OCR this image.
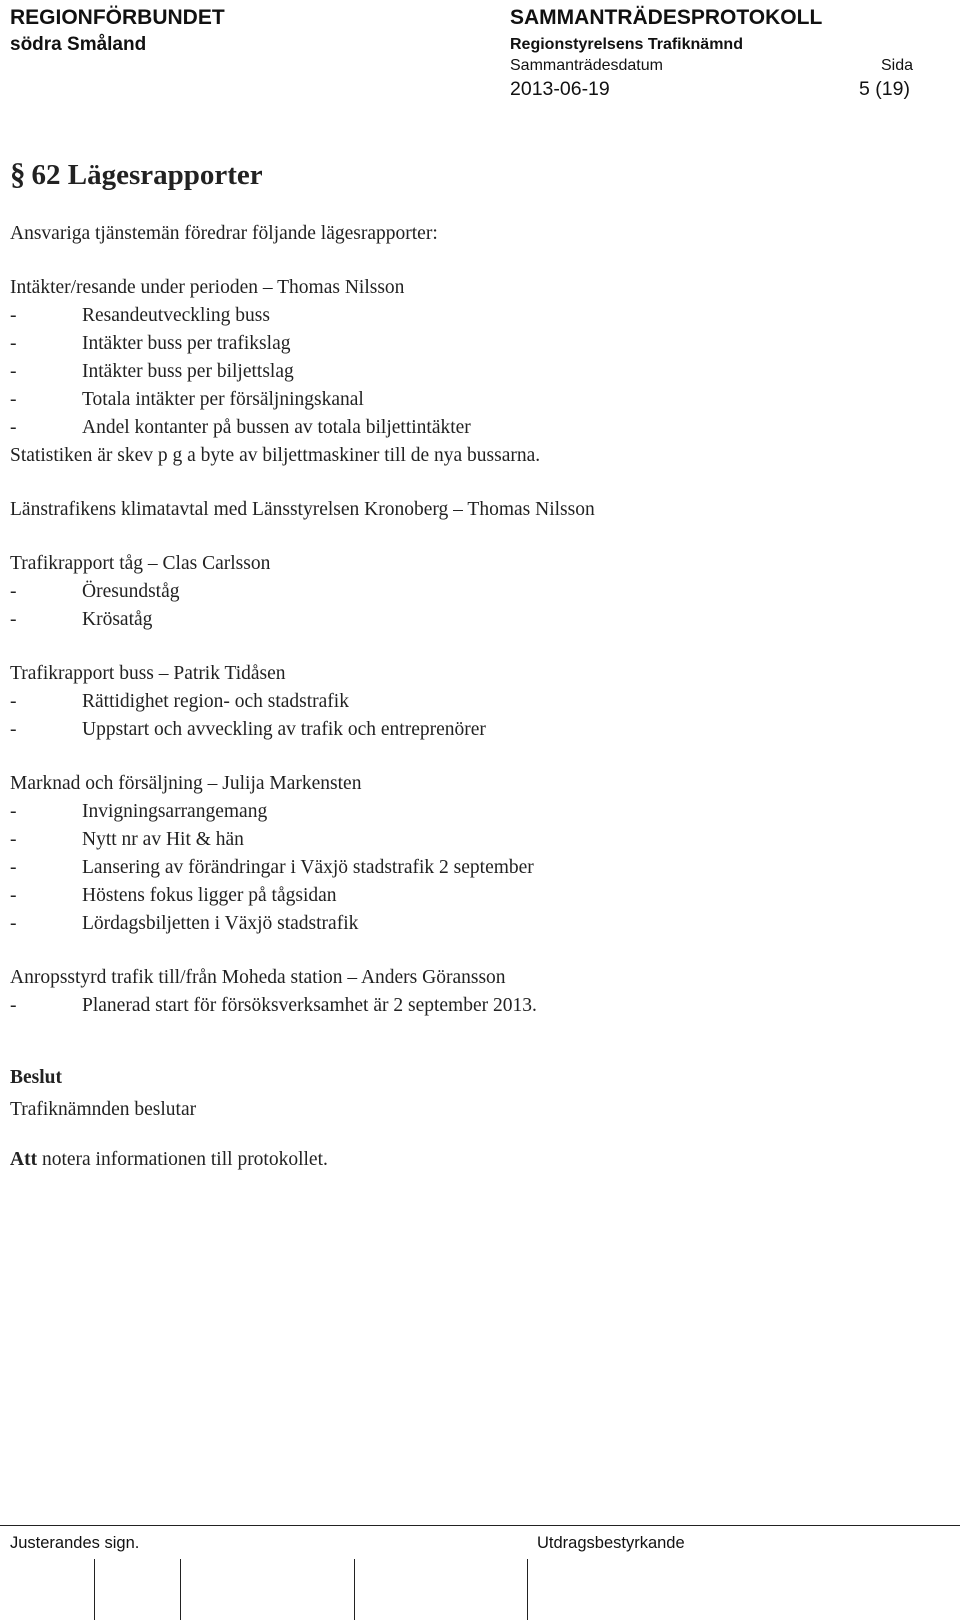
REGIONFÖRBUNDET
södra Småland
SAMMANTRÄDESPROTOKOLL
Regionstyrelsens Trafiknämnd
Sammanträdesdatum	Sida
2013-06-19	5 (19)
§ 62 Lägesrapporter

Ansvariga tjänstemän föredrar följande lägesrapporter:

Intäkter/resande under perioden – Thomas Nilsson

-	Resandeutveckling buss

-	Intäkter buss per trafikslag

-	Intäkter buss per biljettslag

-	Totala intäkter per försäljningskanal

-	Andel kontanter på bussen av totala biljettintäkter

Statistiken är skev p g a byte av biljettmaskiner till de nya bussarna.

Länstrafikens klimatavtal med Länsstyrelsen Kronoberg – Thomas Nilsson

Trafikrapport tåg – Clas Carlsson

-	Öresundståg

-	Krösatåg

Trafikrapport buss – Patrik Tidåsen

-	Rättidighet region- och stadstrafik

-	Uppstart och avveckling av trafik och entreprenörer

Marknad och försäljning – Julija Markensten

-	Invigningsarrangemang

-	Nytt nr av Hit & hän

-	Lansering av förändringar i Växjö stadstrafik 2 september

-	Höstens fokus ligger på tågsidan

-	Lördagsbiljetten i Växjö stadstrafik

Anropsstyrd trafik till/från Moheda station – Anders Göransson

-	Planerad start för försöksverksamhet är 2 september 2013.

Beslut

Trafiknämnden beslutar

Att notera informationen till protokollet.

Justerandes sign.	Utdragsbestyrkande
